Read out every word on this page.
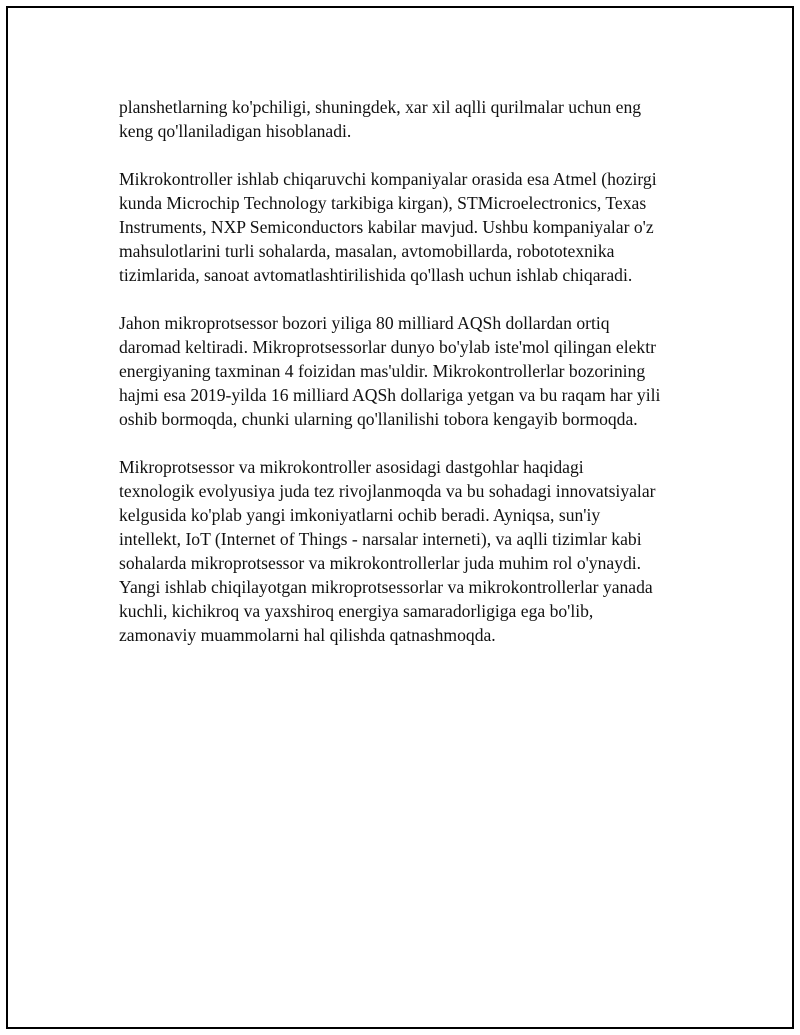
planshetlarning ko'pchiligi, shuningdek, xar xil aqlli qurilmalar uchun eng
keng qo'llaniladigan hisoblanadi.

Mikrokontroller ishlab chiqaruvchi kompaniyalar orasida esa Atmel (hozirgi
kunda Microchip Technology tarkibiga kirgan), STMicroelectronics, Texas
Instruments, NXP Semiconductors kabilar mavjud. Ushbu kompaniyalar o'z
mahsulotlarini turli sohalarda, masalan, avtomobillarda, robototexnika
tizimlarida, sanoat avtomatlashtirilishida qo'llash uchun ishlab chiqaradi.

Jahon mikroprotsessor bozori yiliga 80 milliard AQSh dollardan ortiq
daromad keltiradi. Mikroprotsessorlar dunyo bo'ylab iste'mol qilingan elektr
energiyaning taxminan 4 foizidan mas'uldir. Mikrokontrollerlar bozorining
hajmi esa 2019-yilda 16 milliard AQSh dollariga yetgan va bu raqam har yili
oshib bormoqda, chunki ularning qo'llanilishi tobora kengayib bormoqda.

Mikroprotsessor va mikrokontroller asosidagi dastgohlar haqidagi
texnologik evolyusiya juda tez rivojlanmoqda va bu sohadagi innovatsiyalar
kelgusida ko'plab yangi imkoniyatlarni ochib beradi. Ayniqsa, sun'iy
intellekt, IoT (Internet of Things - narsalar interneti), va aqlli tizimlar kabi
sohalarda mikroprotsessor va mikrokontrollerlar juda muhim rol o'ynaydi.
Yangi ishlab chiqilayotgan mikroprotsessorlar va mikrokontrollerlar yanada
kuchli, kichikroq va yaxshiroq energiya samaradorligiga ega bo'lib,
zamonaviy muammolarni hal qilishda qatnashmoqda.
